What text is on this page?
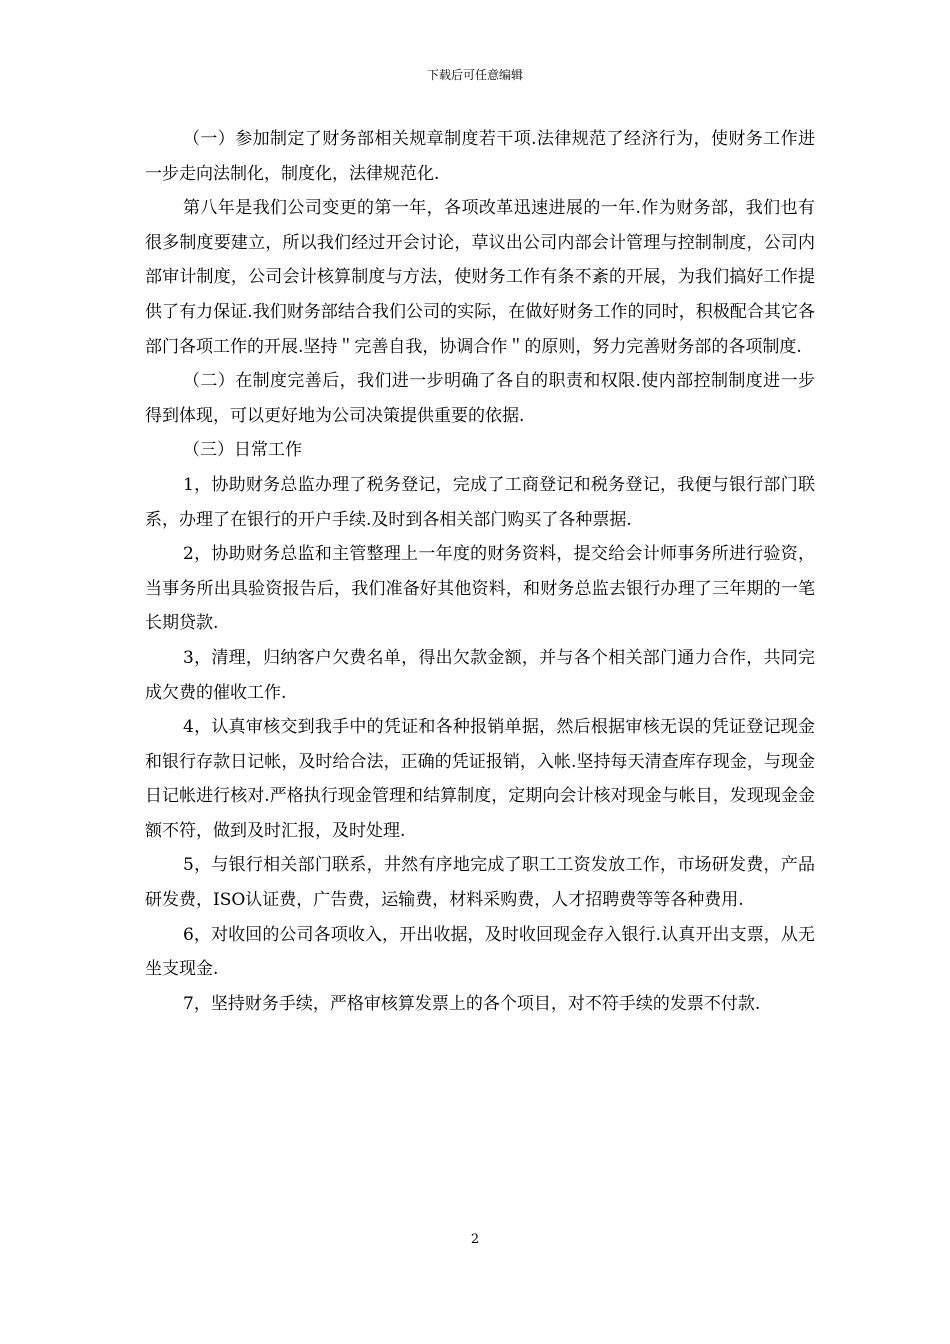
下载后可任意编辑

（一）参加制定了财务部相关规章制度若干项.法律规范了经济行为，使财务工作进一步走向法制化，制度化，法律规范化.

第八年是我们公司变更的第一年，各项改革迅速进展的一年.作为财务部，我们也有很多制度要建立，所以我们经过开会讨论，草议出公司内部会计管理与控制制度，公司内部审计制度，公司会计核算制度与方法，使财务工作有条不紊的开展，为我们搞好工作提供了有力保证.我们财务部结合我们公司的实际，在做好财务工作的同时，积极配合其它各部门各项工作的开展.坚持＂完善自我，协调合作＂的原则，努力完善财务部的各项制度.

（二）在制度完善后，我们进一步明确了各自的职责和权限.使内部控制制度进一步得到体现，可以更好地为公司决策提供重要的依据.

（三）日常工作

1，协助财务总监办理了税务登记，完成了工商登记和税务登记，我便与银行部门联系，办理了在银行的开户手续.及时到各相关部门购买了各种票据.

2，协助财务总监和主管整理上一年度的财务资料，提交给会计师事务所进行验资，当事务所出具验资报告后，我们准备好其他资料，和财务总监去银行办理了三年期的一笔长期贷款.

3，清理，归纳客户欠费名单，得出欠款金额，并与各个相关部门通力合作，共同完成欠费的催收工作.

4，认真审核交到我手中的凭证和各种报销单据，然后根据审核无误的凭证登记现金和银行存款日记帐，及时给合法，正确的凭证报销，入帐.坚持每天清查库存现金，与现金日记帐进行核对.严格执行现金管理和结算制度，定期向会计核对现金与帐目，发现现金金额不符，做到及时汇报，及时处理.

5，与银行相关部门联系，井然有序地完成了职工工资发放工作，市场研发费，产品研发费，ISO认证费，广告费，运输费，材料采购费，人才招聘费等等各种费用.

6，对收回的公司各项收入，开出收据，及时收回现金存入银行.认真开出支票，从无坐支现金.

7，坚持财务手续，严格审核算发票上的各个项目，对不符手续的发票不付款.

2
